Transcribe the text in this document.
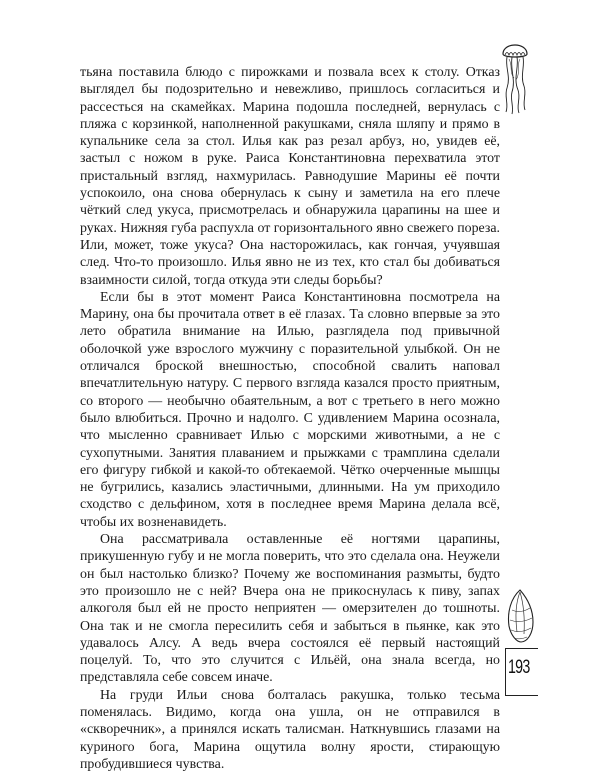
тьяна поставила блюдо с пирожками и позвала всех к столу. Отказ выглядел бы подозрительно и невежливо, пришлось согласиться и рассесться на скамейках. Марина подошла последней, вернулась с пляжа с корзинкой, наполненной ракушками, сняла шляпу и прямо в купальнике села за стол. Илья как раз резал арбуз, но, увидев её, застыл с ножом в руке. Раиса Константиновна перехватила этот пристальный взгляд, нахмурилась. Равнодушие Марины её почти успокоило, она снова обернулась к сыну и заметила на его плече чёткий след укуса, присмотрелась и обнаружила царапины на шее и руках. Нижняя губа распухла от горизонтального явно свежего пореза. Или, может, тоже укуса? Она насторожилась, как гончая, учуявшая след. Что-то произошло. Илья явно не из тех, кто стал бы добиваться взаимности силой, тогда откуда эти следы борьбы?

Если бы в этот момент Раиса Константиновна посмотрела на Марину, она бы прочитала ответ в её глазах. Та словно впервые за это лето обратила внимание на Илью, разглядела под привычной оболочкой уже взрослого мужчину с поразительной улыбкой. Он не отличался броской внешностью, способной свалить наповал впечатлительную натуру. С первого взгляда казался просто приятным, со второго — необычно обаятельным, а вот с третьего в него можно было влюбиться. Прочно и надолго. С удивлением Марина осознала, что мысленно сравнивает Илью с морскими животными, а не с сухопутными. Занятия плаванием и прыжками с трамплина сделали его фигуру гибкой и какой-то обтекаемой. Чётко очерченные мышцы не бугрились, казались эластичными, длинными. На ум приходило сходство с дельфином, хотя в последнее время Марина делала всё, чтобы их возненавидеть.

Она рассматривала оставленные её ногтями царапины, прикушенную губу и не могла поверить, что это сделала она. Неужели он был настолько близко? Почему же воспоминания размыты, будто это произошло не с ней? Вчера она не прикоснулась к пиву, запах алкоголя был ей не просто неприятен — омерзителен до тошноты. Она так и не смогла пересилить себя и забыться в пьянке, как это удавалось Алсу. А ведь вчера состоялся её первый настоящий поцелуй. То, что это случится с Ильёй, она знала всегда, но представляла себе совсем иначе.

На груди Ильи снова болталась ракушка, только тесьма поменялась. Видимо, когда она ушла, он не отправился в «скворечник», а принялся искать талисман. Наткнувшись глазами на куриного бога, Марина ощутила волну ярости, стирающую пробудившиеся чувства.

193
